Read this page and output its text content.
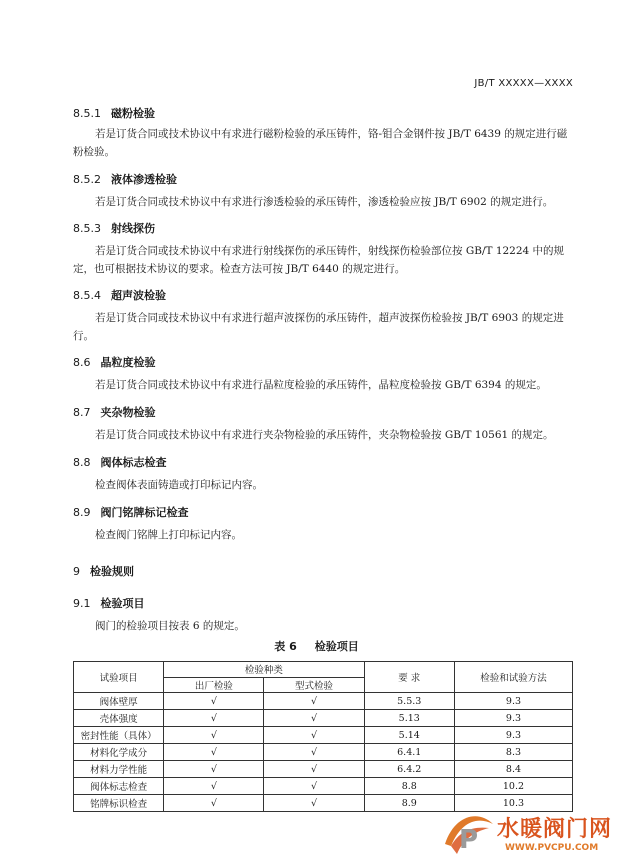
JB/T XXXXX—XXXX
8.5.1 磁粉检验
若是订货合同或技术协议中有求进行磁粉检验的承压铸件，铬-钼合金钢件按 JB/T 6439 的规定进行磁粉检验。
8.5.2 液体渗透检验
若是订货合同或技术协议中有求进行渗透检验的承压铸件，渗透检验应按 JB/T 6902 的规定进行。
8.5.3 射线探伤
若是订货合同或技术协议中有求进行射线探伤的承压铸件，射线探伤检验部位按 GB/T 12224 中的规定，也可根据技术协议的要求。检查方法可按 JB/T 6440 的规定进行。
8.5.4 超声波检验
若是订货合同或技术协议中有求进行超声波探伤的承压铸件，超声波探伤检验按 JB/T 6903 的规定进行。
8.6 晶粒度检验
若是订货合同或技术协议中有求进行晶粒度检验的承压铸件，晶粒度检验按 GB/T 6394 的规定。
8.7 夹杂物检验
若是订货合同或技术协议中有求进行夹杂物检验的承压铸件，夹杂物检验按 GB/T 10561 的规定。
8.8 阀体标志检查
检查阀体表面铸造或打印标记内容。
8.9 阀门铭牌标记检查
检查阀门铭牌上打印标记内容。
9 检验规则
9.1 检验项目
阀门的检验项目按表 6 的规定。
表 6 检验项目
试验项目	检验种类		要 求	检验和试验方法
	出厂检验	型式检验		
阀体壁厚	√	√	5.5.3	9.3
壳体强度	√	√	5.13	9.3
密封性能（具体）	√	√	5.14	9.3
材料化学成分	√	√	6.4.1	8.3
材料力学性能	√	√	6.4.2	8.4
阀体标志检查	√	√	8.8	10.2
铭牌标识检查	√	√	8.9	10.3
P 水暖阀门网
WWW.PVCPU.COM
